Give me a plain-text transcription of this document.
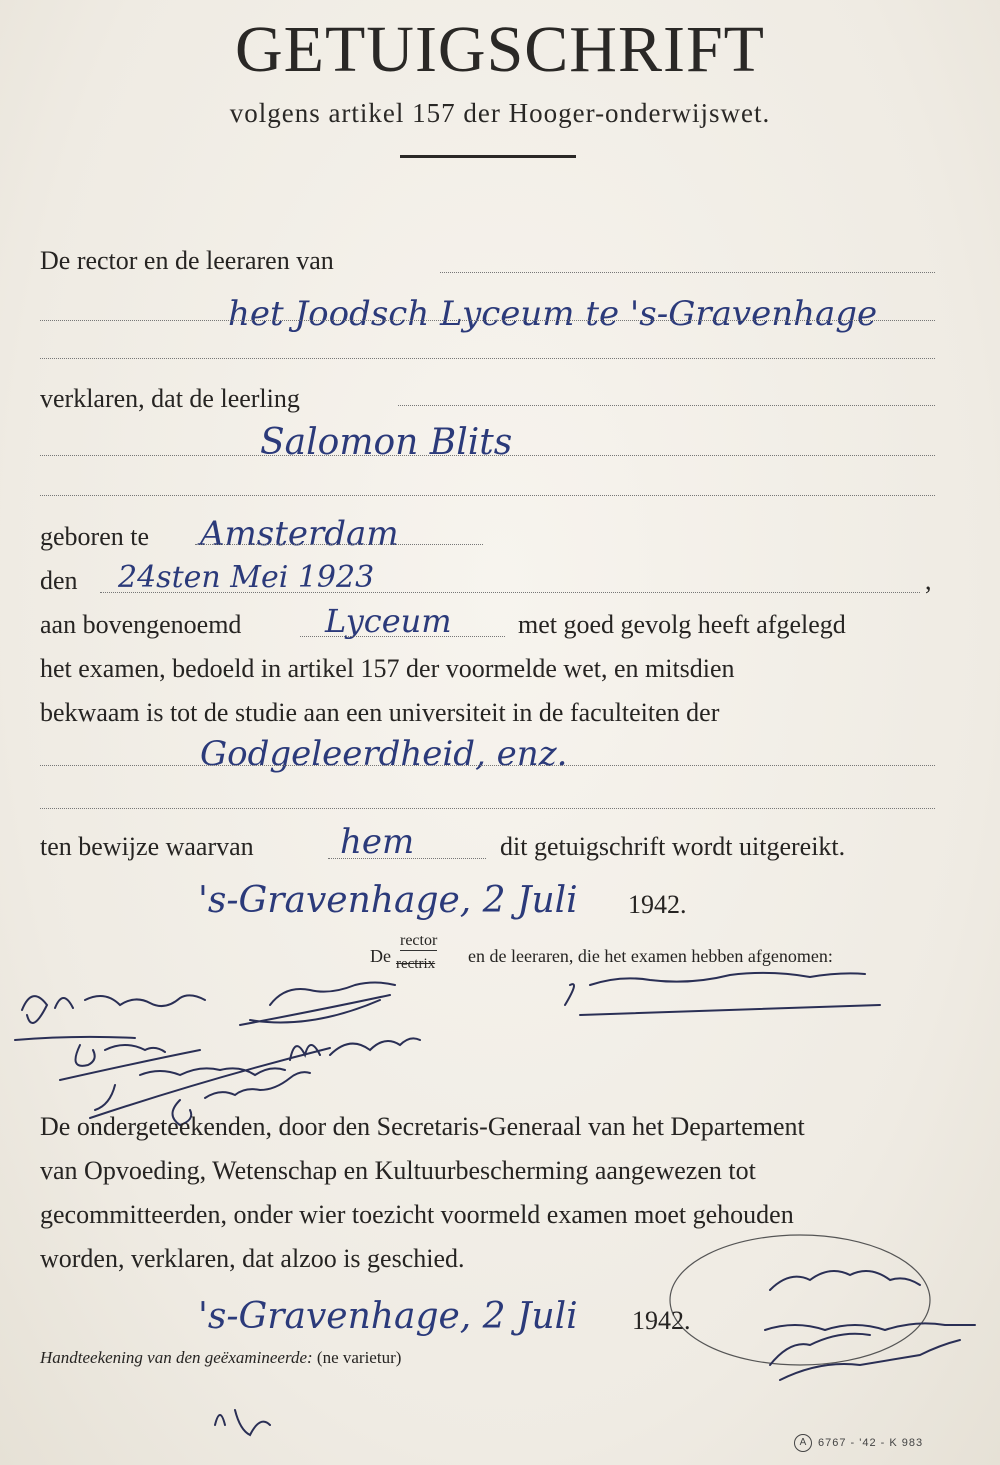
GETUIGSCHRIFT
volgens artikel 157 der Hooger-onderwijswet.
De rector en de leeraren van
het Joodsch Lyceum te 's-Gravenhage
verklaren, dat de leerling
Salomon Blits
geboren te	Amsterdam
den	24sten Mei 1923	,
aan bovengenoemd	Lyceum	met goed gevolg heeft afgelegd
het examen, bedoeld in artikel 157 der voormelde wet, en mitsdien
bekwaam is tot de studie aan een universiteit in de faculteiten der
Godgeleerdheid, enz.
ten bewijze waarvan	hem	dit getuigschrift wordt uitgereikt.
's-Gravenhage, 2 Juli 1942.
De
rector
rectrix en de leeraren, die het examen hebben afgenomen:
De ondergeteekenden, door den Secretaris-Generaal van het Departement
van Opvoeding, Wetenschap en Kultuurbescherming aangewezen tot
gecommitteerden, onder wier toezicht voormeld examen moet gehouden
worden, verklaren, dat alzoo is geschied.
's-Gravenhage, 2 Juli 1942.
Handteekening van den geëxamineerde: (ne varietur)
A	6767 - '42 - K 983
